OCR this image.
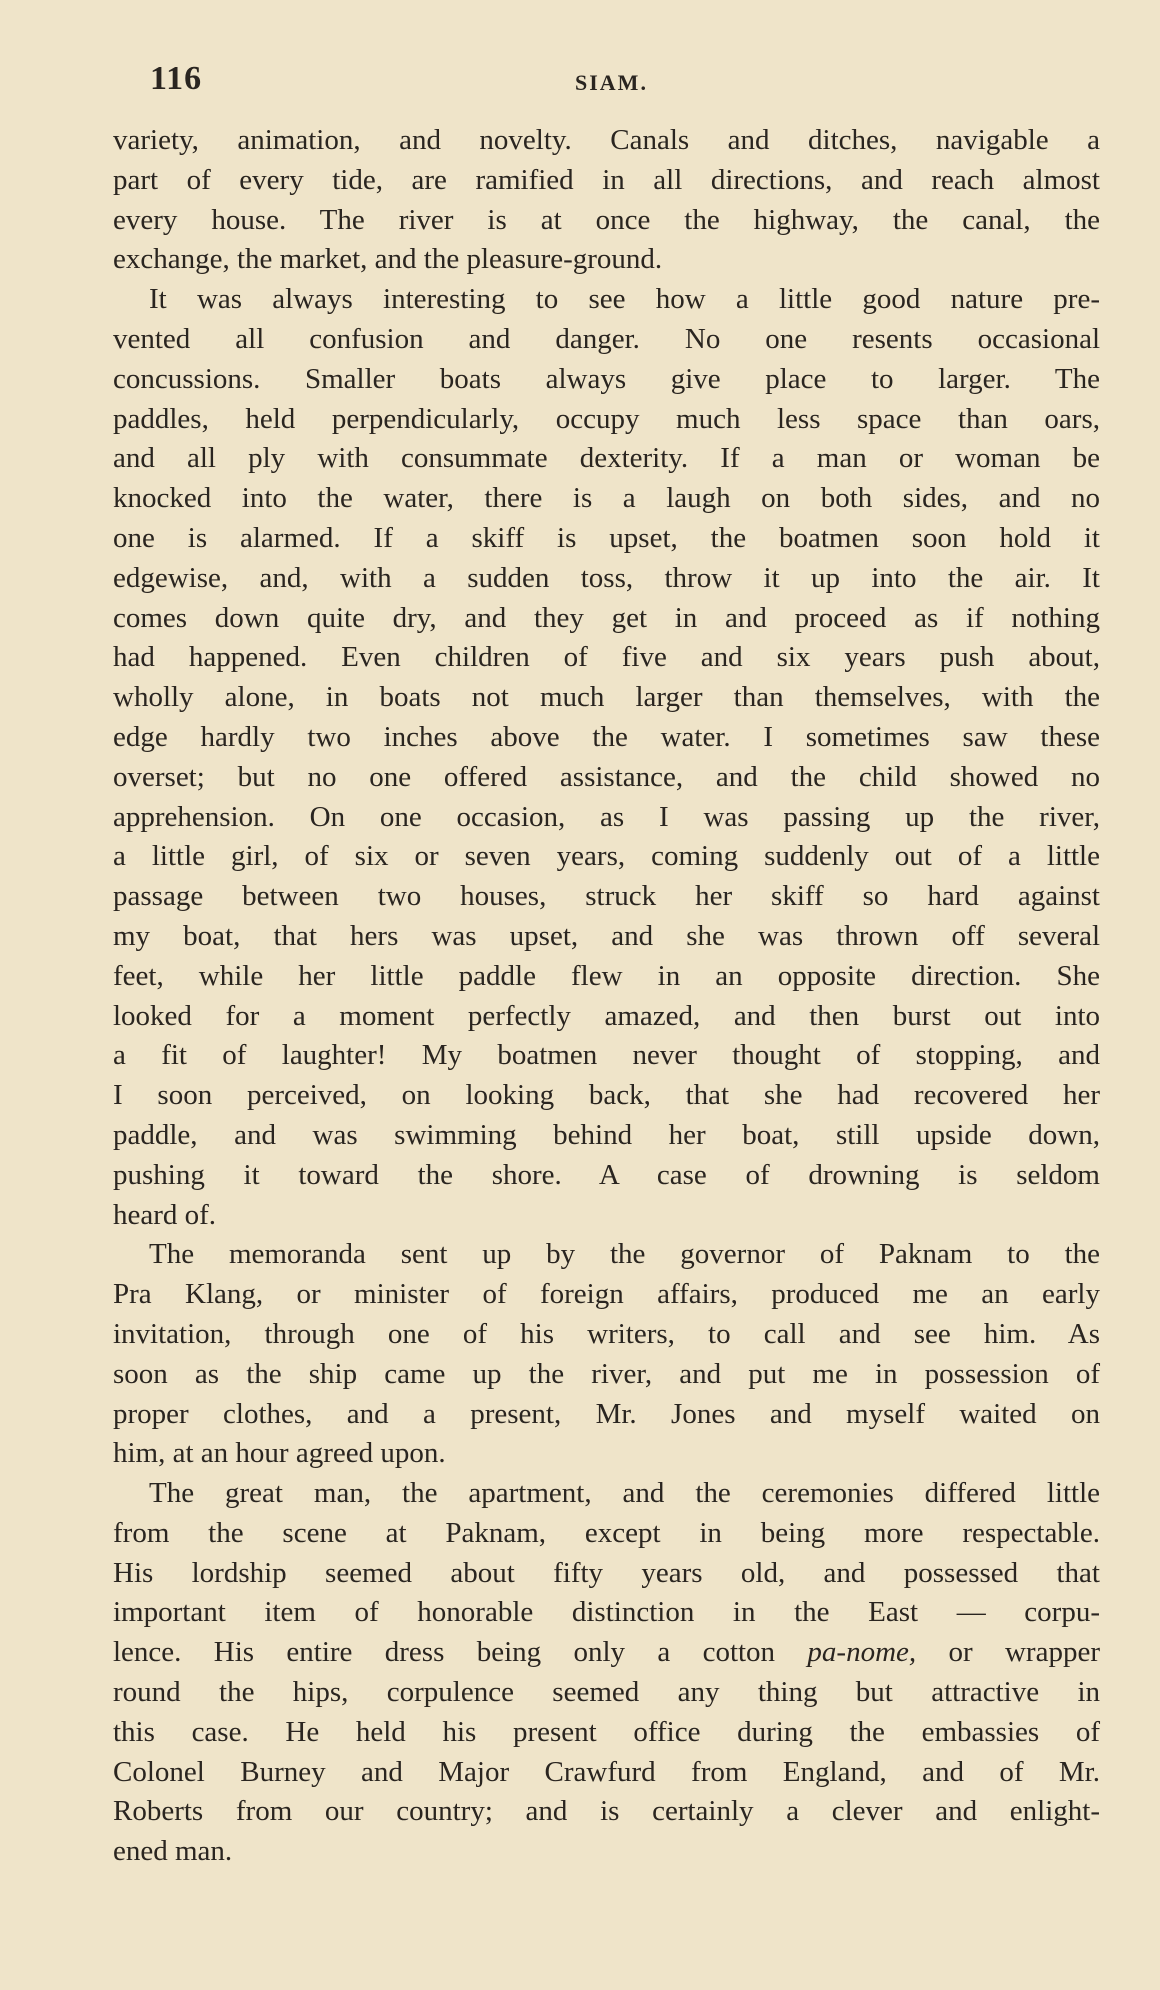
116	SIAM.
variety, animation, and novelty. Canals and ditches, navigable a
part of every tide, are ramified in all directions, and reach almost
every house. The river is at once the highway, the canal, the
exchange, the market, and the pleasure-ground.
It was always interesting to see how a little good nature pre-
vented all confusion and danger. No one resents occasional
concussions. Smaller boats always give place to larger. The
paddles, held perpendicularly, occupy much less space than oars,
and all ply with consummate dexterity. If a man or woman be
knocked into the water, there is a laugh on both sides, and no
one is alarmed. If a skiff is upset, the boatmen soon hold it
edgewise, and, with a sudden toss, throw it up into the air. It
comes down quite dry, and they get in and proceed as if nothing
had happened. Even children of five and six years push about,
wholly alone, in boats not much larger than themselves, with the
edge hardly two inches above the water. I sometimes saw these
overset; but no one offered assistance, and the child showed no
apprehension. On one occasion, as I was passing up the river,
a little girl, of six or seven years, coming suddenly out of a little
passage between two houses, struck her skiff so hard against
my boat, that hers was upset, and she was thrown off several
feet, while her little paddle flew in an opposite direction. She
looked for a moment perfectly amazed, and then burst out into
a fit of laughter! My boatmen never thought of stopping, and
I soon perceived, on looking back, that she had recovered her
paddle, and was swimming behind her boat, still upside down,
pushing it toward the shore. A case of drowning is seldom
heard of.
The memoranda sent up by the governor of Paknam to the
Pra Klang, or minister of foreign affairs, produced me an early
invitation, through one of his writers, to call and see him. As
soon as the ship came up the river, and put me in possession of
proper clothes, and a present, Mr. Jones and myself waited on
him, at an hour agreed upon.
The great man, the apartment, and the ceremonies differed little
from the scene at Paknam, except in being more respectable.
His lordship seemed about fifty years old, and possessed that
important item of honorable distinction in the East — corpu-
lence. His entire dress being only a cotton pa-nome, or wrapper
round the hips, corpulence seemed any thing but attractive in
this case. He held his present office during the embassies of
Colonel Burney and Major Crawfurd from England, and of Mr.
Roberts from our country; and is certainly a clever and enlight-
ened man.
